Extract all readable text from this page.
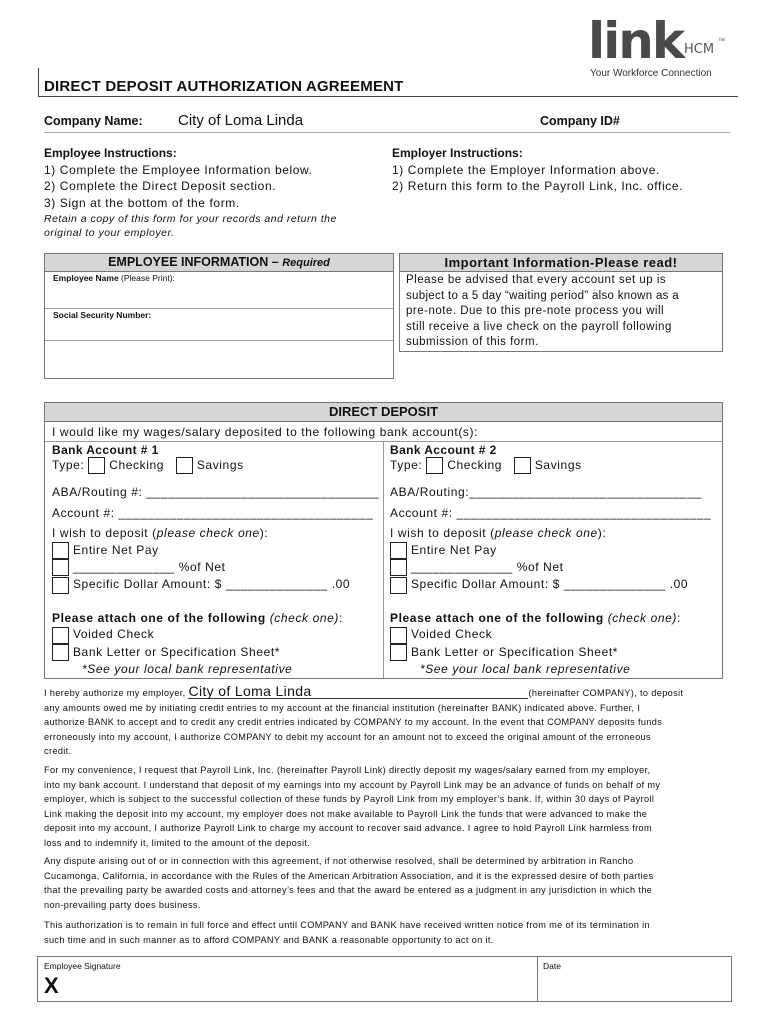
link HCM
™
Your Workforce Connection
DIRECT DEPOSIT AUTHORIZATION AGREEMENT
Company Name: City of Loma Linda	Company ID#
Employee Instructions:
1) Complete the Employee Information below.
2) Complete the Direct Deposit section.
3) Sign at the bottom of the form.
Retain a copy of this form for your records and return the
original to your employer.
Employer Instructions:
1) Complete the Employer Information above.
2) Return this form to the Payroll Link, Inc. office.
EMPLOYEE INFORMATION – Required
Employee Name (Please Print):
Social Security Number:
Important Information-Please read!
Please be advised that every account set up is
subject to a 5 day “waiting period” also known as a
pre-note. Due to this pre-note process you will
still receive a live check on the payroll following
submission of this form.
DIRECT DEPOSIT
I would like my wages/salary deposited to the following bank account(s):
Bank Account # 1
Type: Checking	Savings
ABA/Routing #: ________________________________
Account #: ___________________________________
I wish to deposit (please check one):
Entire Net Pay
______________ %of Net
Specific Dollar Amount: $ ______________ .00
Please attach one of the following (check one):
Voided Check
Bank Letter or Specification Sheet*
*See your local bank representative
Bank Account # 2
Type: Checking	Savings
ABA/Routing:________________________________
Account #: ___________________________________
I wish to deposit (please check one):
Entire Net Pay
______________ %of Net
Specific Dollar Amount: $ ______________ .00
Please attach one of the following (check one):
Voided Check
Bank Letter or Specification Sheet*
*See your local bank representative
I hereby authorize my employer, City of Loma Linda	(hereinafter COMPANY), to deposit
any amounts owed me by initiating credit entries to my account at the financial institution (hereinafter BANK) indicated above. Further, I
authorize BANK to accept and to credit any credit entries indicated by COMPANY to my account. In the event that COMPANY deposits funds
erroneously into my account, I authorize COMPANY to debit my account for an amount not to exceed the original amount of the erroneous
credit.
For my convenience, I request that Payroll Link, Inc. (hereinafter Payroll Link) directly deposit my wages/salary earned from my employer,
into my bank account. I understand that deposit of my earnings into my account by Payroll Link may be an advance of funds on behalf of my
employer, which is subject to the successful collection of these funds by Payroll Link from my employer’s bank. If, within 30 days of Payroll
Link making the deposit into my account, my employer does not make available to Payroll Link the funds that were advanced to make the
deposit into my account, I authorize Payroll Link to charge my account to recover said advance. I agree to hold Payroll Link harmless from
loss and to indemnify it, limited to the amount of the deposit.
Any dispute arising out of or in connection with this agreement, if not otherwise resolved, shall be determined by arbitration in Rancho
Cucamonga, California, in accordance with the Rules of the American Arbitration Association, and it is the expressed desire of both parties
that the prevailing party be awarded costs and attorney’s fees and that the award be entered as a judgment in any jurisdiction in which the
non-prevailing party does business.
This authorization is to remain in full force and effect until COMPANY and BANK have received written notice from me of its termination in
such time and in such manner as to afford COMPANY and BANK a reasonable opportunity to act on it.
Employee Signature
X
Date
